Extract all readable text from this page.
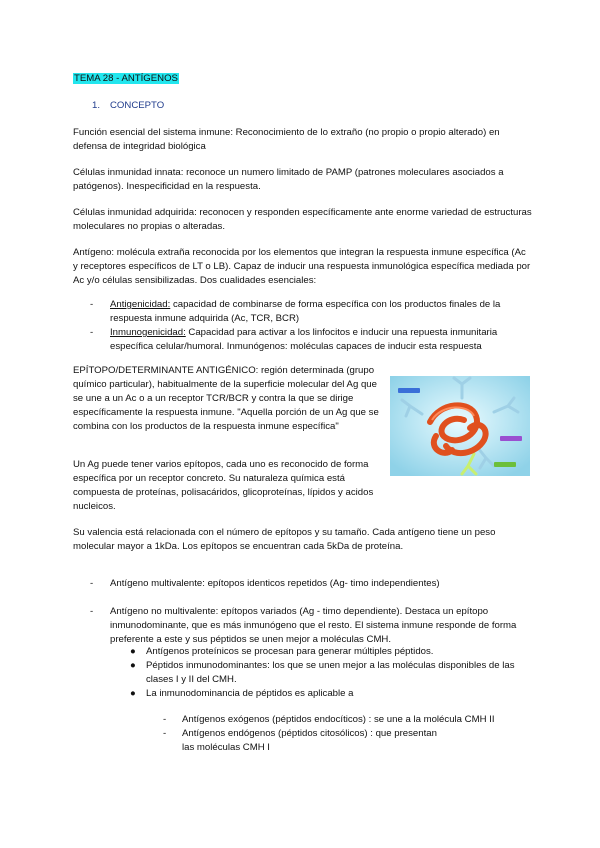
TEMA 28 - ANTÍGENOS
1. CONCEPTO
Función esencial del sistema inmune: Reconocimiento de lo extraño (no propio o propio alterado) en defensa de integridad biológica
Células inmunidad innata: reconoce un numero limitado de PAMP (patrones moleculares asociados a patógenos). Inespecificidad en la respuesta.
Células inmunidad adquirida: reconocen y responden específicamente ante enorme variedad de estructuras moleculares no propias o alteradas.
Antígeno: molécula extraña reconocida por los elementos que integran la respuesta inmune específica (Ac y receptores específicos de LT o LB). Capaz de inducir una respuesta inmunológica específica mediada por Ac y/o células sensibilizadas. Dos cualidades esenciales:
-	Antigenicidad: capacidad de combinarse de forma específica con los productos finales de la respuesta inmune adquirida (Ac, TCR, BCR)
-	Inmunogenicidad: Capacidad para activar a los linfocitos e inducir una repuesta inmunitaria específica celular/humoral. Inmunógenos: moléculas capaces de inducir esta respuesta
EPÍTOPO/DETERMINANTE ANTIGÉNICO: región determinada (grupo químico particular), habitualmente de la superficie molecular del Ag que se une a un Ac o a un receptor TCR/BCR y contra la que se dirige específicamente la respuesta inmune. "Aquella porción de un Ag que se combina con los productos de la respuesta inmune específica"
Un Ag puede tener varios epítopos, cada uno es reconocido de forma específica por un receptor concreto. Su naturaleza química está compuesta de proteínas, polisacáridos, glicoproteínas, lípidos y acidos nucleicos.
Su valencia está relacionada con el número de epítopos y su tamaño. Cada antígeno tiene un peso molecular mayor a 1kDa. Los epítopos se encuentran cada 5kDa de proteína.
-	Antígeno multivalente: epítopos identicos repetidos (Ag- timo independientes)
-	Antígeno no multivalente: epítopos variados (Ag - timo dependiente). Destaca un epítopo inmunodominante, que es más inmunógeno que el resto. El sistema inmune responde de forma preferente a este y sus péptidos se unen mejor a moléculas CMH.
● Antígenos proteínicos se procesan para generar múltiples péptidos.
● Péptidos inmunodominantes: los que se unen mejor a las moléculas disponibles de las clases I y II del CMH.
● La inmunodominancia de péptidos es aplicable a
-	Antígenos exógenos (péptidos endocíticos) : se une a la molécula CMH II
-	Antígenos endógenos (péptidos citosólicos) : que presentan las moléculas CMH I
